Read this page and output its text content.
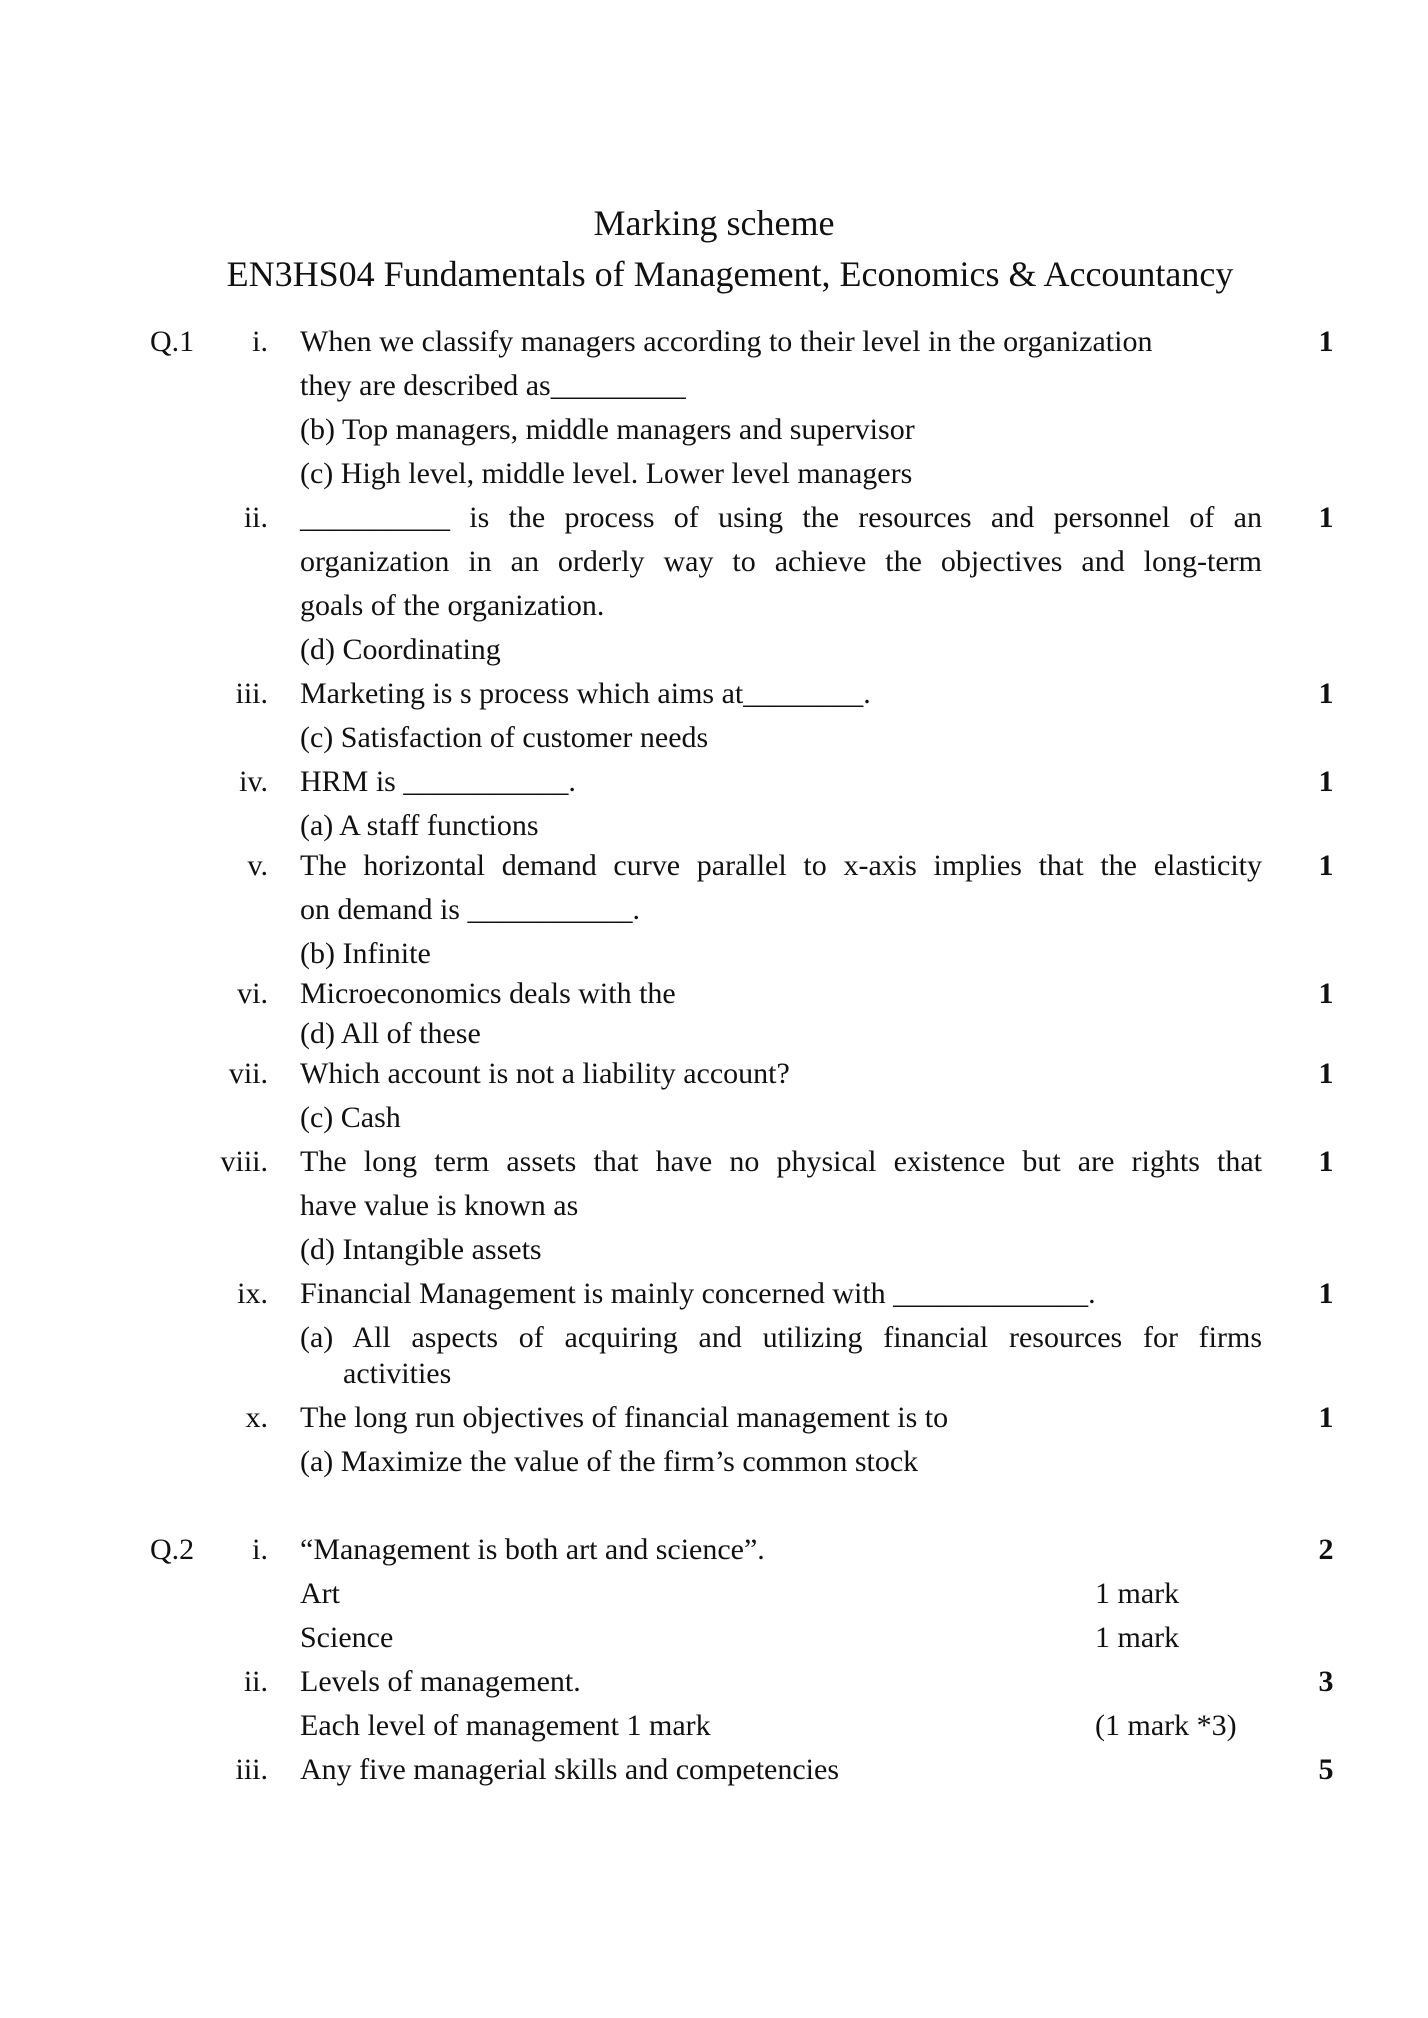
Marking scheme
EN3HS04 Fundamentals of Management, Economics & Accountancy
Q.1	i. When we classify managers according to their level in the organization
they are described as_________
(b) Top managers, middle managers and supervisor
(c) High level, middle level. Lower level managers
1
ii. __________ is the process of using the resources and personnel of an
organization in an orderly way to achieve the objectives and long-term
goals of the organization.
(d) Coordinating
1
iii. Marketing is s process which aims at________.
(c) Satisfaction of customer needs
1
iv. HRM is ___________.
(a) A staff functions
1
v. The horizontal demand curve parallel to x-axis implies that the elasticity
on demand is ___________.
(b) Infinite
1
vi. Microeconomics deals with the
(d) All of these
1
vii. Which account is not a liability account?
(c) Cash
1
viii. The long term assets that have no physical existence but are rights that
have value is known as
(d) Intangible assets
1
ix. Financial Management is mainly concerned with _____________.
(a) All aspects of acquiring and utilizing financial resources for firms
activities
1
x. The long run objectives of financial management is to
(a) Maximize the value of the firm’s common stock
1
Q.2	i. “Management is both art and science”.	2
Art	1 mark
Science	1 mark
ii. Levels of management.	3
Each level of management 1 mark	(1 mark *3)
iii. Any five managerial skills and competencies	5
